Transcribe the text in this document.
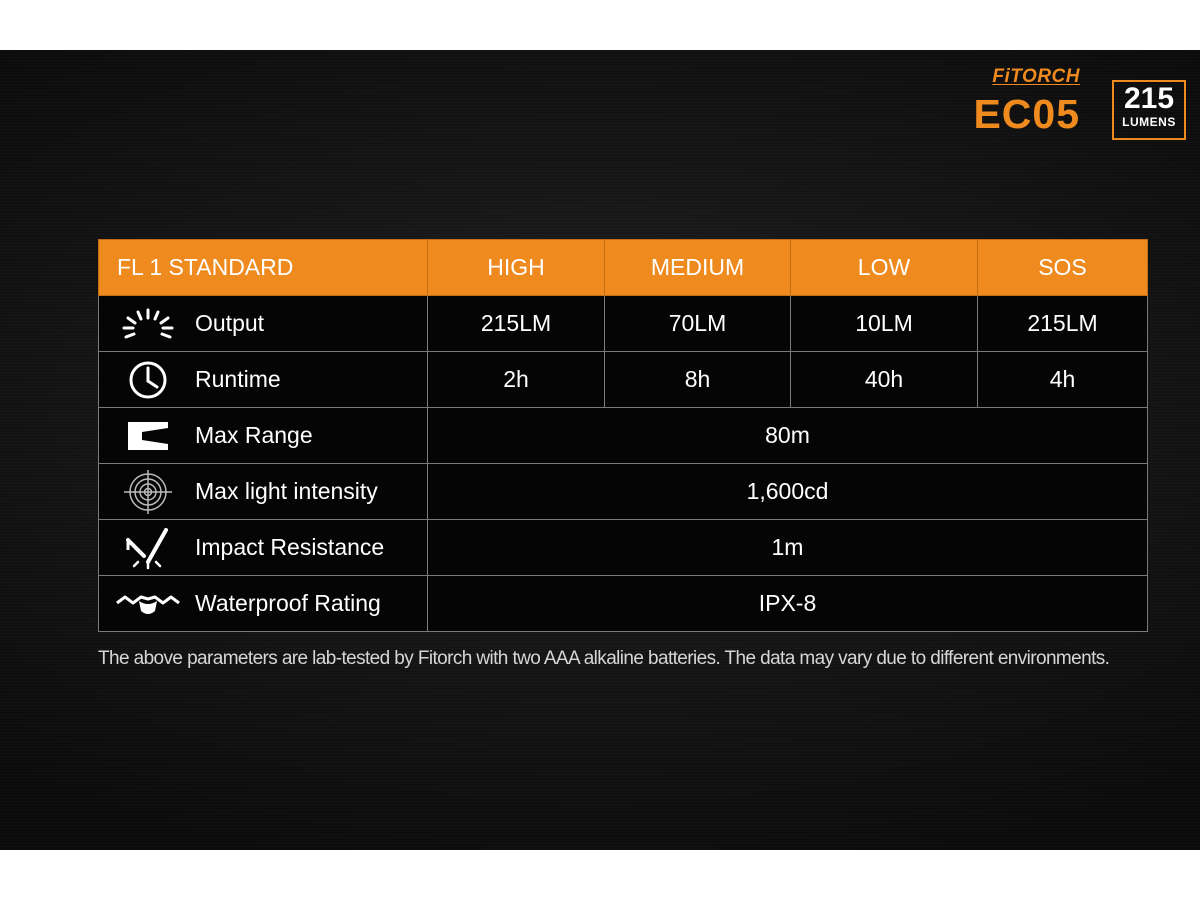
FiTORCH
EC05	215
LUMENS
FL 1 STANDARD	HIGH	MEDIUM	LOW	SOS

Output	215LM	70LM	10LM	215LM

Runtime	2h	8h	40h	4h

Max Range	80m			

Max light intensity	1,600cd			

Impact Resistance	1m			

Waterproof Rating	IPX-8			
The above parameters are lab-tested by Fitorch with two AAA alkaline batteries. The data may vary due to different environments.
